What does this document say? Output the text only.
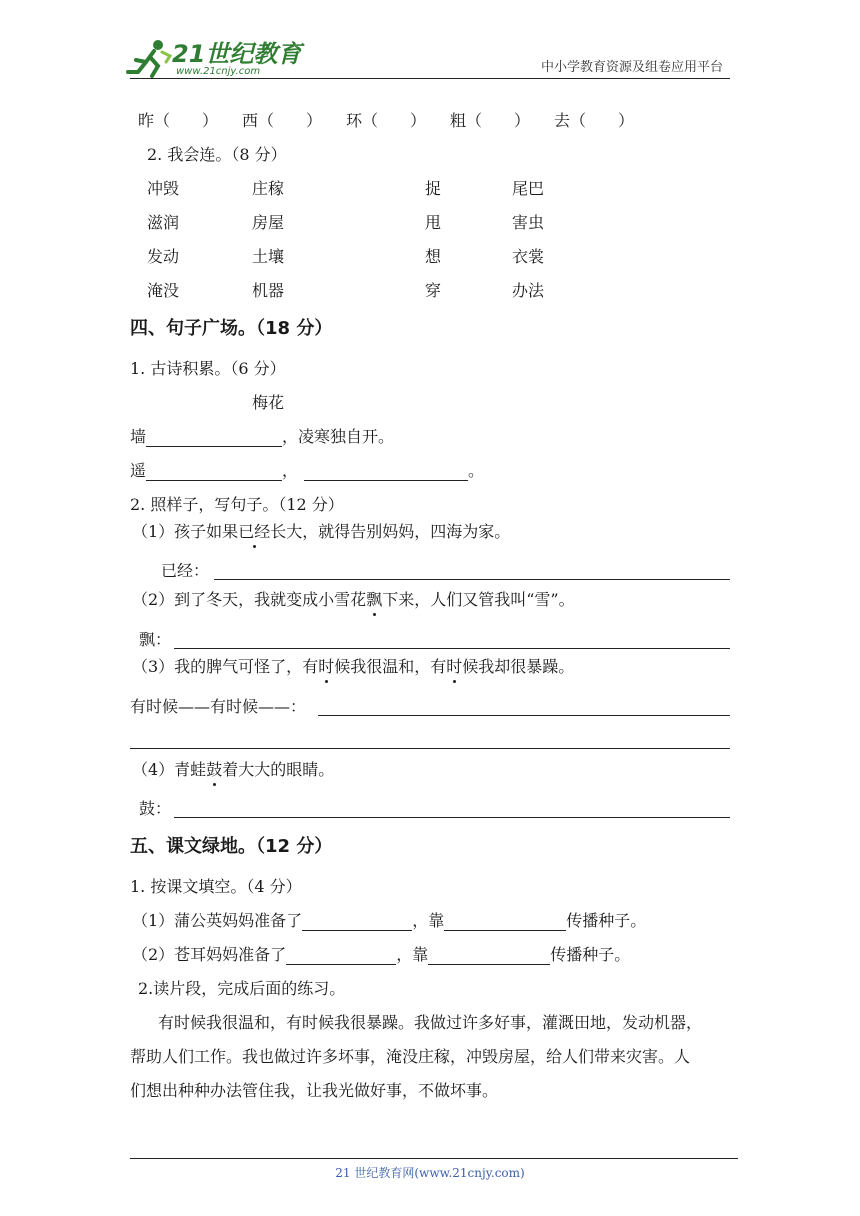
21世纪教育
www.21cnjy.com	中小学教育资源及组卷应用平台
昨（　　） 西（　　） 环（　　） 粗（　　） 去（　　）
2. 我会连。（8 分）
冲毁	庄稼	捉	尾巴
滋润	房屋	甩	害虫
发动	土壤	想	衣裳
淹没	机器	穿	办法
四、句子广场。（18 分）
1. 古诗积累。（6 分）
梅花
墙	，凌寒独自开。
遥	，	。
2. 照样子，写句子。（12 分）
（1）孩子如果已经长大，就得告别妈妈，四海为家。
已经：
（2）到了冬天，我就变成小雪花飘下来，人们又管我叫“雪”。
飘：
（3）我的脾气可怪了，有时候我很温和，有时候我却很暴躁。
有时候——有时候——：
（4）青蛙鼓着大大的眼睛。
鼓：
五、课文绿地。（12 分）
1. 按课文填空。（4 分）
（1）蒲公英妈妈准备了	，靠	传播种子。
（2）苍耳妈妈准备了	，靠	传播种子。
2.读片段，完成后面的练习。
有时候我很温和，有时候我很暴躁。我做过许多好事，灌溉田地，发动机器，
帮助人们工作。我也做过许多坏事，淹没庄稼，冲毁房屋，给人们带来灾害。人
们想出种种办法管住我，让我光做好事，不做坏事。
21 世纪教育网(www.21cnjy.com)
